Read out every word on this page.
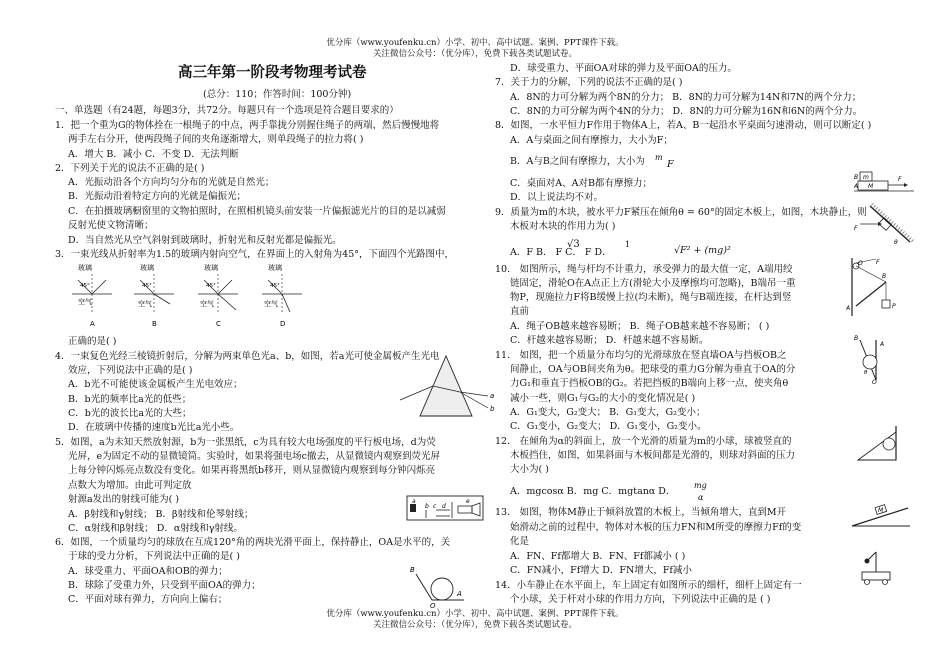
优分库（www.youfenku.cn）小学、初中、高中试题、案例、PPT课件下载。
关注微信公众号：（优分库），免费下载各类试题试卷。
高三年第一阶段考物理考试卷
(总分：110；作答时间：100分钟)
一、单选题（有24题，每题3分，共72分。每题只有一个选项是符合题目要求的）
1．把一个重为G的物体拴在一根绳子的中点，两手靠拢分别握住绳子的两端，然后慢慢地将
两手左右分开，使两段绳子间的夹角逐渐增大，则单段绳子的拉力将( )
A．增大 B．减小 C．不变 D．无法判断
2．下列关于光的说法不正确的是( )
A．光振动沿各个方向均匀分布的光就是自然光；
B．光振动沿着特定方向的光就是偏振光；
C．在拍摄玻璃橱窗里的文物拍照时，在照相机镜头前安装一片偏振滤光片的目的是以减弱
反射光使文物清晰；
D．当自然光从空气斜射到玻璃时，折射光和反射光都是偏振光。
3．一束光线从折射率为1.5的玻璃内射向空气，在界面上的入射角为45°，下面四个光路图中，
正确的是( )
4．一束复色光经三棱镜折射后，分解为两束单色光a、b，如图，若a光可使金属板产生光电
效应，下列说法中正确的是( )
A．b光不可能使该金属板产生光电效应；
B．b光的频率比a光的低些；
C．b光的波长比a光的大些；
D．在玻璃中传播的速度b光比a光小些。
5．如图，a为未知天然放射源，b为一张黑纸，c为具有较大电场强度的平行板电场，d为荧
光屏，e为固定不动的显微镜筒。实验时，如果将强电场c撤去，从显微镜内观察到荧光屏
上每分钟闪烁亮点数没有变化。如果再将黑纸b移开，则从显微镜内观察到每分钟闪烁亮
点数大为增加。由此可判定放
射源a发出的射线可能为( )
A．β射线和γ射线； B．β射线和伦琴射线；
C．α射线和β射线； D．α射线和γ射线。
6．如图，一个质量均匀的球放在互成120°角的两块光滑平面上，保持静止，OA是水平的，关
于球的受力分析，下列说法中正确的是( )
A．球受重力、平面OA和OB的弹力；
B．球除了受重力外，只受到平面OA的弹力；
C．平面对球有弹力，方向向上偏右；
D．球受重力、平面OA对球的弹力及平面OA的压力。
7．关于力的分解，下列的说法不正确的是( )
A．8N的力可分解为两个8N的分力； B．8N的力可分解为14N和7N的两个分力；
C．8N的力可分解为两个4N的分力； D．8N的力可分解为16N和6N的两个分力。
8．如图，一水平恒力F作用于物体A上，若A、B一起沿水平桌面匀速滑动，则可以断定( )
A．A与桌面之间有摩擦力，大小为F；
B．A与B之间有摩擦力，大小为
C．桌面对A、A对B都有摩擦力；
D．以上说法均不对。
9．质量为m的木块，被水平力F紧压在倾角θ = 60°的固定木板上，如图，木块静止，则
木板对木块的作用力为( )
A．F B． F C． F D．
10． 如图所示，绳与杆均不计重力，承受弹力的最大值一定，A端用绞
链固定，滑轮O在A点正上方(滑轮大小及摩擦均可忽略)，B端吊一重
物P，现施拉力F将B缓慢上拉(均未断)，绳与B端连接，在杆达到竖
直前
A．绳子OB越来越容易断； B．绳子OB越来越不容易断； ( )
C．杆越来越容易断； D．杆越来越不容易断。
11． 如图，把一个质量分布均匀的光滑球放在竖直墙OA与挡板OB之
间静止，OA与OB间夹角为θ。把球受的重力G分解为垂直于OA的分
力G₁和垂直于挡板OB的G₂。若把挡板的B端向上移一点，使夹角θ
减小一些，则G₁与G₂的大小的变化情况是( )
A．G₁变大，G₂变大； B．G₁变大，G₂变小；
C．G₁变小，G₂变大； D．G₁变小，G₂变小。
12． 在倾角为α的斜面上，放一个光滑的质量为m的小球，球被竖直的
木板挡住，如图，如果斜面与木板间都是光滑的，则球对斜面的压力
大小为( )
A．mgcosα B．mg C．mgtanα D．
13． 如图，物体M静止于倾斜放置的木板上，当倾角增大，直到M开
始滑动之前的过程中，物体对木板的压力FN和M所受的摩擦力Ff的变
化是
A．FN、Ff都增大 B．FN、Ff都减小 ( )
C．FN减小，Ff增大 D．FN增大，Ff减小
14．小车静止在水平面上，车上固定有如图所示的细杆，细杆上固定有一
个小球，关于杆对小球的作用力方向，下列说法中正确的是 ( )
m
F
√3	1
√F² + (mg)²
mg
α
玻璃
45°
空气
A
玻璃
45°
空气
B
玻璃
45°
空气
C
玻璃
45°
空气
D
a
b
a
b c d
e
B
A
O
B m
A M
F
F
θ
O
A
B
F
P
B
θ
O
A
M
优分库（www.youfenku.cn）小学、初中、高中试题、案例、PPT课件下载。
关注微信公众号：（优分库），免费下载各类试题试卷。
